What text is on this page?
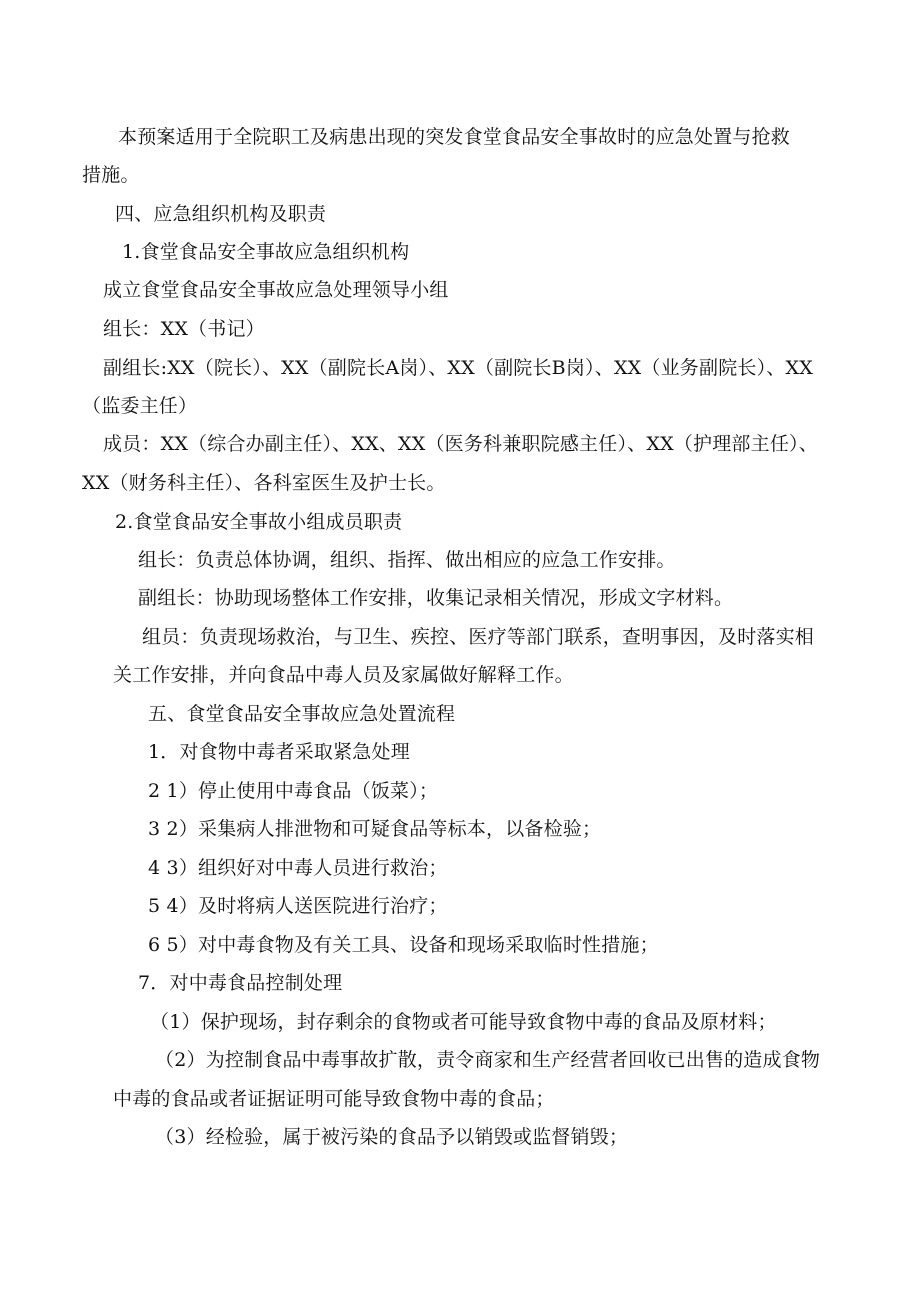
本预案适用于全院职工及病患出现的突发食堂食品安全事故时的应急处置与抢救
措施。
四、应急组织机构及职责
1.食堂食品安全事故应急组织机构
成立食堂食品安全事故应急处理领导小组
组长：XX（书记）
副组长:XX（院长）、XX（副院长A岗）、XX（副院长B岗）、XX（业务副院长）、XX
（监委主任）
成员：XX（综合办副主任）、XX、XX（医务科兼职院感主任）、XX（护理部主任）、
XX（财务科主任）、各科室医生及护士长。
2.食堂食品安全事故小组成员职责
组长：负责总体协调，组织、指挥、做出相应的应急工作安排。
副组长：协助现场整体工作安排，收集记录相关情况，形成文字材料。
组员：负责现场救治，与卫生、疾控、医疗等部门联系，查明事因，及时落实相
关工作安排，并向食品中毒人员及家属做好解释工作。
五、食堂食品安全事故应急处置流程
1．对食物中毒者采取紧急处理
2 1）停止使用中毒食品（饭菜）；
3 2）采集病人排泄物和可疑食品等标本，以备检验；
4 3）组织好对中毒人员进行救治；
5 4）及时将病人送医院进行治疗；
6 5）对中毒食物及有关工具、设备和现场采取临时性措施；
7．对中毒食品控制处理
（1）保护现场，封存剩余的食物或者可能导致食物中毒的食品及原材料；
（2）为控制食品中毒事故扩散，责令商家和生产经营者回收已出售的造成食物
中毒的食品或者证据证明可能导致食物中毒的食品；
（3）经检验，属于被污染的食品予以销毁或监督销毁；
